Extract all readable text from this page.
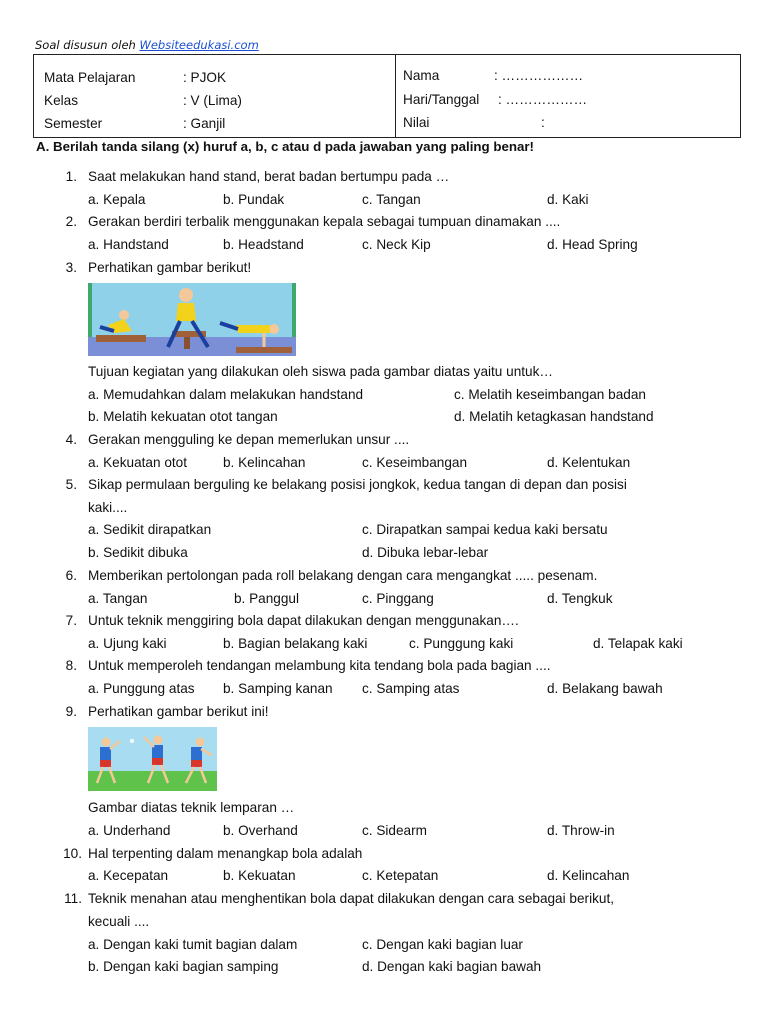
Soal disusun oleh Websiteedukasi.com
Mata Pelajaran	: PJOK
Kelas	: V (Lima)
Semester	: Ganjil
Nama	: ………………
Hari/Tanggal : ………………
Nilai	:
A. Berilah tanda silang (x) huruf a, b, c atau d pada jawaban yang paling benar!
1. Saat melakukan hand stand, berat badan bertumpu pada …
a. Kepala	b. Pundak	c. Tangan	d. Kaki
2. Gerakan berdiri terbalik menggunakan kepala sebagai tumpuan dinamakan ....
a. Handstand	b. Headstand	c. Neck Kip	d. Head Spring
3. Perhatikan gambar berikut!
Tujuan kegiatan yang dilakukan oleh siswa pada gambar diatas yaitu untuk…
a. Memudahkan dalam melakukan handstand	c. Melatih keseimbangan badan
b. Melatih kekuatan otot tangan	d. Melatih ketagkasan handstand
4. Gerakan mengguling ke depan memerlukan unsur ....
a. Kekuatan otot	b. Kelincahan	c. Keseimbangan	d. Kelentukan
5. Sikap permulaan berguling ke belakang posisi jongkok, kedua tangan di depan dan posisi
kaki....
a. Sedikit dirapatkan	c. Dirapatkan sampai kedua kaki bersatu
b. Sedikit dibuka	d. Dibuka lebar-lebar
6. Memberikan pertolongan pada roll belakang dengan cara mengangkat ..... pesenam.
a. Tangan	b. Panggul	c. Pinggang	d. Tengkuk
7. Untuk teknik menggiring bola dapat dilakukan dengan menggunakan….
a. Ujung kaki	b. Bagian belakang kaki	c. Punggung kaki	d. Telapak kaki
8. Untuk memperoleh tendangan melambung kita tendang bola pada bagian ....
a. Punggung atas b. Samping kanan c. Samping atas	d. Belakang bawah
9. Perhatikan gambar berikut ini!
Gambar diatas teknik lemparan …
a. Underhand	b. Overhand	c. Sidearm	d. Throw-in
10. Hal terpenting dalam menangkap bola adalah
a. Kecepatan	b. Kekuatan	c. Ketepatan	d. Kelincahan
11. Teknik menahan atau menghentikan bola dapat dilakukan dengan cara sebagai berikut,
kecuali ....
a. Dengan kaki tumit bagian dalam	c. Dengan kaki bagian luar
b. Dengan kaki bagian samping	d. Dengan kaki bagian bawah
